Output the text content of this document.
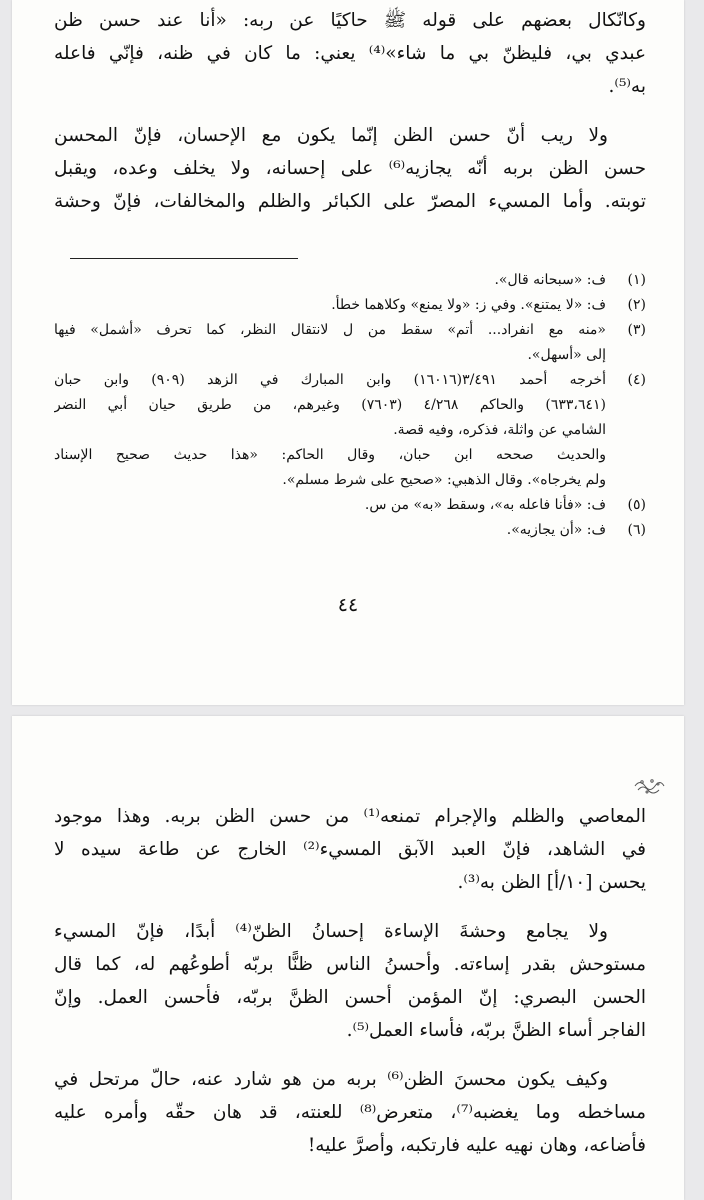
وكانّكال بعضهم على قوله ﷺ حاكيًا عن ربه: «أنا عند حسن ظن
عبدي بي، فليظنّ بي ما شاء»⁽⁴⁾ يعني: ما كان في ظنه، فإنّي فاعله
به⁽⁵⁾.
ولا ريب أنّ حسن الظن إنّما يكون مع الإحسان، فإنّ المحسن
حسن الظن بربه أنّه يجازيه⁽⁶⁾ على إحسانه، ولا يخلف وعده، ويقبل
توبته. وأما المسيء المصرّ على الكبائر والظلم والمخالفات، فإنّ وحشة
(١)
ف: «سبحانه قال».
(٢)
ف: «لا يمتنع». وفي ز: «ولا يمنع» وكلاهما خطأ.
(٣)
«منه مع انفراد... أتم» سقط من ل لانتقال النظر، كما تحرف «أشمل» فيها
إلى «أسهل».
(٤)
أخرجه أحمد ٣/٤٩١(١٦٠١٦) وابن المبارك في الزهد (٩٠٩) وابن حبان
(٦٣٣،٦٤١) والحاكم ٤/٢٦٨ (٧٦٠٣) وغيرهم، من طريق حيان أبي النضر
الشامي عن واثلة، فذكره، وفيه قصة.
والحديث صححه ابن حبان، وقال الحاكم: «هذا حديث صحيح الإسناد
ولم يخرجاه». وقال الذهبي: «صحيح على شرط مسلم».
(٥)
ف: «فأنا فاعله به»، وسقط «به» من س.
(٦)
ف: «أن يجازيه».
٤٤
المعاصي والظلم والإجرام تمنعه⁽¹⁾ من حسن الظن بربه. وهذا موجود
في الشاهد، فإنّ العبد الآبق المسيء⁽²⁾ الخارج عن طاعة سيده لا
يحسن [١٠/أ] الظن به⁽³⁾.
ولا يجامع وحشةَ الإساءة إحسانُ الظنّ⁽⁴⁾ أبدًا، فإنّ المسيء
مستوحش بقدر إساءته. وأحسنُ الناس ظنًّا بربّه أطوعُهم له، كما قال
الحسن البصري: إنّ المؤمن أحسن الظنَّ بربّه، فأحسن العمل. وإنّ
الفاجر أساء الظنَّ بربّه، فأساء العمل⁽⁵⁾.
وكيف يكون محسنَ الظن⁽⁶⁾ بربه من هو شارد عنه، حالّ مرتحل في
مساخطه وما يغضبه⁽⁷⁾، متعرض⁽⁸⁾ للعنته، قد هان حقّه وأمره عليه
فأضاعه، وهان نهيه عليه فارتكبه، وأصرَّ عليه!
